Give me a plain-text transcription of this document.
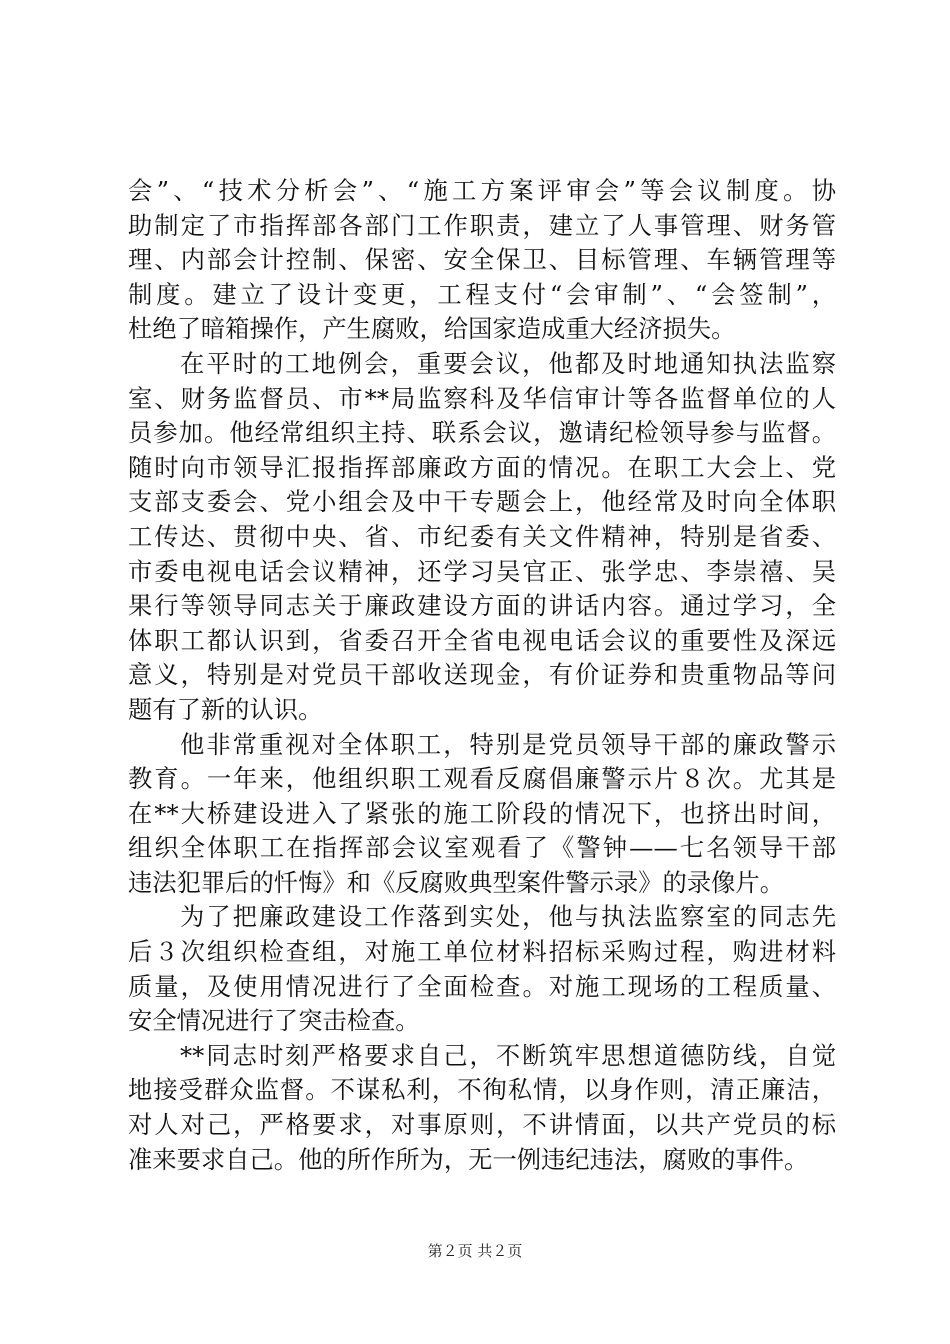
会”、“技术分析会”、“施工方案评审会”等会议制度。协
助制定了市指挥部各部门工作职责，建立了人事管理、财务管
理、内部会计控制、保密、安全保卫、目标管理、车辆管理等
制度。建立了设计变更，工程支付“会审制”、“会签制”，
杜绝了暗箱操作，产生腐败，给国家造成重大经济损失。
在平时的工地例会，重要会议，他都及时地通知执法监察
室、财务监督员、市**局监察科及华信审计等各监督单位的人
员参加。他经常组织主持、联系会议，邀请纪检领导参与监督。
随时向市领导汇报指挥部廉政方面的情况。在职工大会上、党
支部支委会、党小组会及中干专题会上，他经常及时向全体职
工传达、贯彻中央、省、市纪委有关文件精神，特别是省委、
市委电视电话会议精神，还学习吴官正、张学忠、李崇禧、吴
果行等领导同志关于廉政建设方面的讲话内容。通过学习，全
体职工都认识到，省委召开全省电视电话会议的重要性及深远
意义，特别是对党员干部收送现金，有价证券和贵重物品等问
题有了新的认识。
他非常重视对全体职工，特别是党员领导干部的廉政警示
教育。一年来，他组织职工观看反腐倡廉警示片８次。尤其是
在**大桥建设进入了紧张的施工阶段的情况下，也挤出时间，
组织全体职工在指挥部会议室观看了《警钟——七名领导干部
违法犯罪后的忏悔》和《反腐败典型案件警示录》的录像片。
为了把廉政建设工作落到实处，他与执法监察室的同志先
后３次组织检查组，对施工单位材料招标采购过程，购进材料
质量，及使用情况进行了全面检查。对施工现场的工程质量、
安全情况进行了突击检查。
**同志时刻严格要求自己，不断筑牢思想道德防线，自觉
地接受群众监督。不谋私利，不徇私情，以身作则，清正廉洁，
对人对己，严格要求，对事原则，不讲情面，以共产党员的标
准来要求自己。他的所作所为，无一例违纪违法，腐败的事件。
第２页 共２页
